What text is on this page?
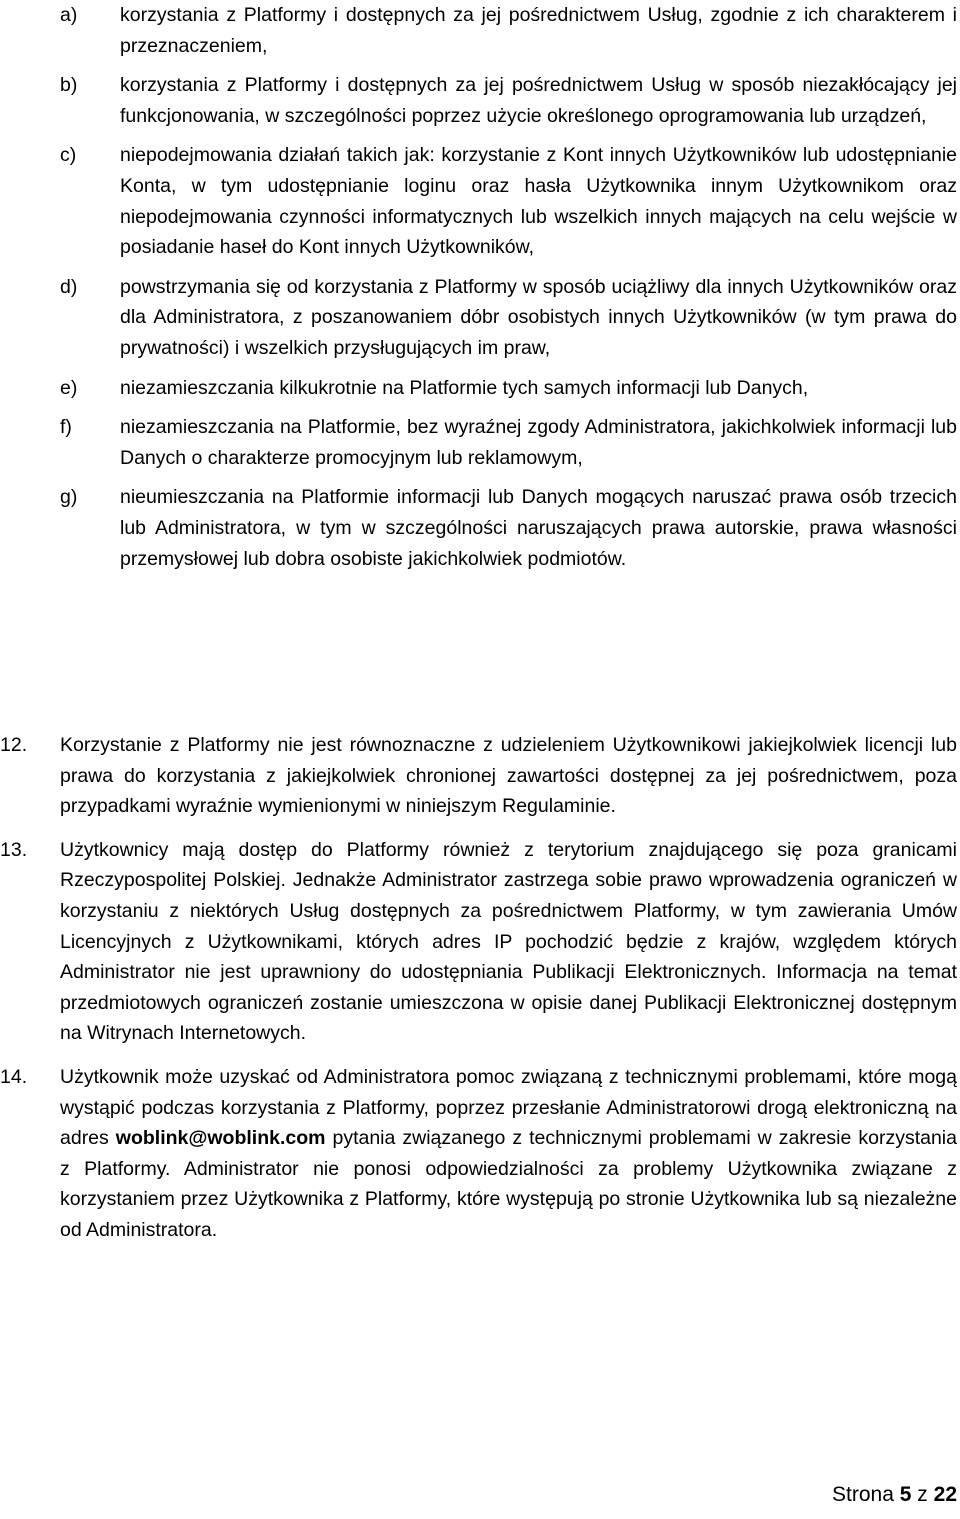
a) korzystania z Platformy i dostępnych za jej pośrednictwem Usług, zgodnie z ich charakterem i przeznaczeniem,
b) korzystania z Platformy i dostępnych za jej pośrednictwem Usług w sposób niezakłócający jej funkcjonowania, w szczególności poprzez użycie określonego oprogramowania lub urządzeń,
c) niepodejmowania działań takich jak: korzystanie z Kont innych Użytkowników lub udostępnianie Konta, w tym udostępnianie loginu oraz hasła Użytkownika innym Użytkownikom oraz niepodejmowania czynności informatycznych lub wszelkich innych mających na celu wejście w posiadanie haseł do Kont innych Użytkowników,
d) powstrzymania się od korzystania z Platformy w sposób uciążliwy dla innych Użytkowników oraz dla Administratora, z poszanowaniem dóbr osobistych innych Użytkowników (w tym prawa do prywatności) i wszelkich przysługujących im praw,
e) niezamieszczania kilkukrotnie na Platformie tych samych informacji lub Danych,
f) niezamieszczania na Platformie, bez wyraźnej zgody Administratora, jakichkolwiek informacji lub Danych o charakterze promocyjnym lub reklamowym,
g) nieumieszczania na Platformie informacji lub Danych mogących naruszać prawa osób trzecich lub Administratora, w tym w szczególności naruszających prawa autorskie, prawa własności przemysłowej lub dobra osobiste jakichkolwiek podmiotów.
12. Korzystanie z Platformy nie jest równoznaczne z udzieleniem Użytkownikowi jakiejkolwiek licencji lub prawa do korzystania z jakiejkolwiek chronionej zawartości dostępnej za jej pośrednictwem, poza przypadkami wyraźnie wymienionymi w niniejszym Regulaminie.
13. Użytkownicy mają dostęp do Platformy również z terytorium znajdującego się poza granicami Rzeczypospolitej Polskiej. Jednakże Administrator zastrzega sobie prawo wprowadzenia ograniczeń w korzystaniu z niektórych Usług dostępnych za pośrednictwem Platformy, w tym zawierania Umów Licencyjnych z Użytkownikami, których adres IP pochodzić będzie z krajów, względem których Administrator nie jest uprawniony do udostępniania Publikacji Elektronicznych. Informacja na temat przedmiotowych ograniczeń zostanie umieszczona w opisie danej Publikacji Elektronicznej dostępnym na Witrynach Internetowych.
14. Użytkownik może uzyskać od Administratora pomoc związaną z technicznymi problemami, które mogą wystąpić podczas korzystania z Platformy, poprzez przesłanie Administratorowi drogą elektroniczną na adres woblink@woblink.com pytania związanego z technicznymi problemami w zakresie korzystania z Platformy. Administrator nie ponosi odpowiedzialności za problemy Użytkownika związane z korzystaniem przez Użytkownika z Platformy, które występują po stronie Użytkownika lub są niezależne od Administratora.
Strona 5 z 22
